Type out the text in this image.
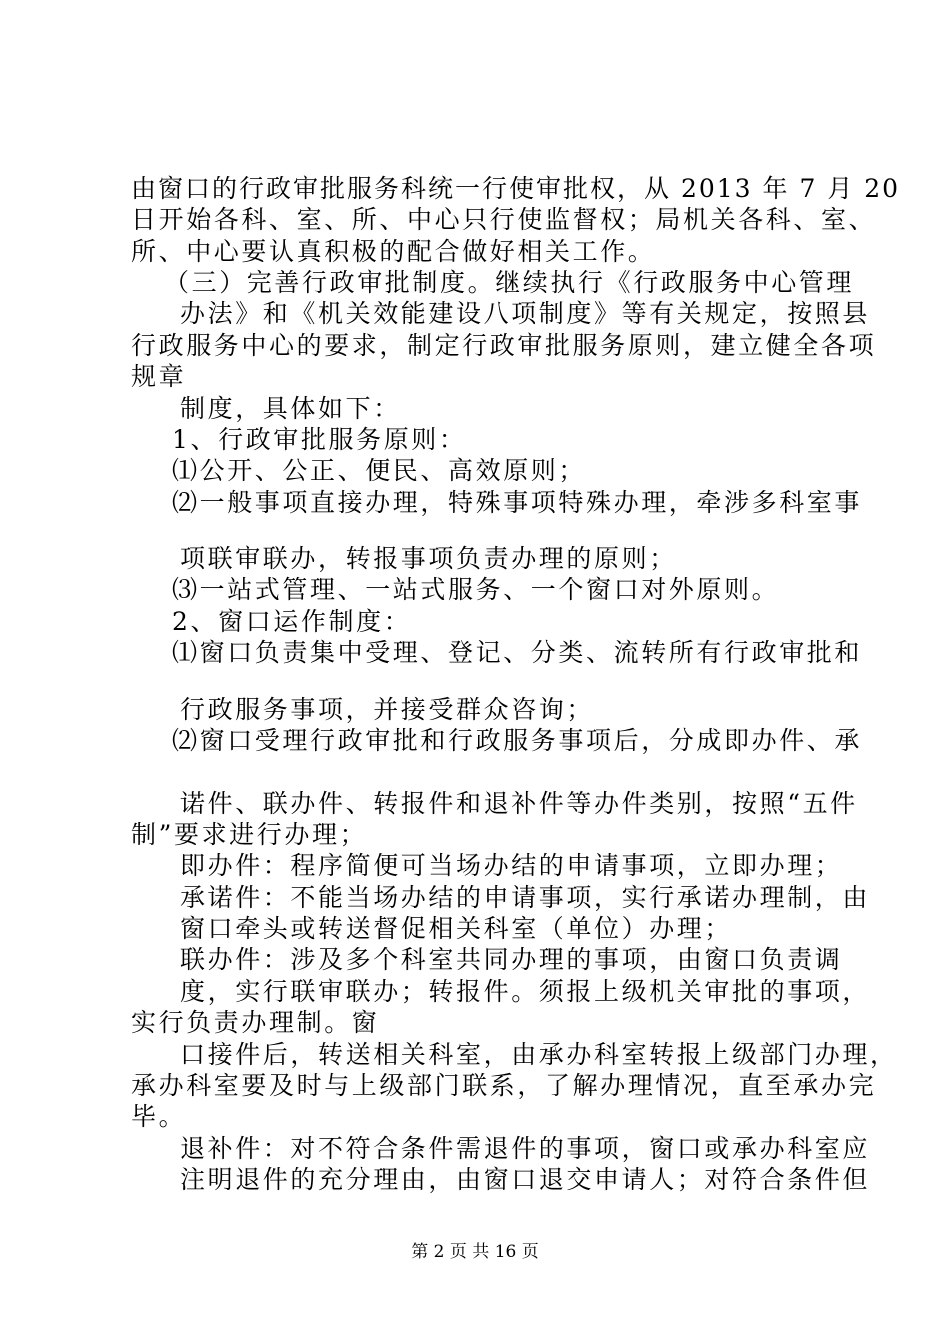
由窗口的行政审批服务科统一行使审批权，从 2013 年 7 月 20
日开始各科、室、所、中心只行使监督权；局机关各科、室、
所、中心要认真积极的配合做好相关工作。
（三）完善行政审批制度。继续执行《行政服务中心管理
办法》和《机关效能建设八项制度》等有关规定，按照县
行政服务中心的要求，制定行政审批服务原则，建立健全各项
规章
制度，具体如下：
1、行政审批服务原则：
⑴公开、公正、便民、高效原则；
⑵一般事项直接办理，特殊事项特殊办理，牵涉多科室事
项联审联办，转报事项负责办理的原则；
⑶一站式管理、一站式服务、一个窗口对外原则。
2、窗口运作制度：
⑴窗口负责集中受理、登记、分类、流转所有行政审批和
行政服务事项，并接受群众咨询；
⑵窗口受理行政审批和行政服务事项后，分成即办件、承
诺件、联办件、转报件和退补件等办件类别，按照“五件
制”要求进行办理；
即办件：程序简便可当场办结的申请事项，立即办理；
承诺件：不能当场办结的申请事项，实行承诺办理制，由
窗口牵头或转送督促相关科室（单位）办理；
联办件：涉及多个科室共同办理的事项，由窗口负责调
度，实行联审联办；转报件。须报上级机关审批的事项，
实行负责办理制。窗
口接件后，转送相关科室，由承办科室转报上级部门办理，
承办科室要及时与上级部门联系，了解办理情况，直至承办完
毕。
退补件：对不符合条件需退件的事项，窗口或承办科室应
注明退件的充分理由，由窗口退交申请人；对符合条件但
第 2 页 共 16 页
